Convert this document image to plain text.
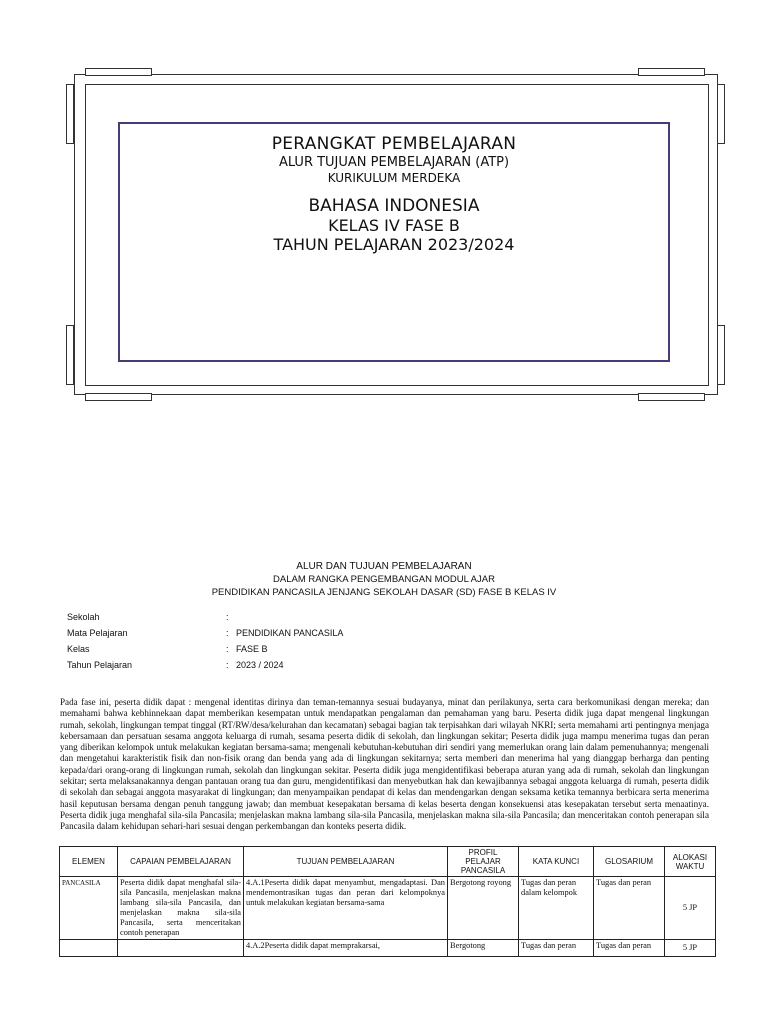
PERANGKAT PEMBELAJARAN
ALUR TUJUAN PEMBELAJARAN (ATP)
KURIKULUM MERDEKA
BAHASA INDONESIA
KELAS IV FASE B
TAHUN PELAJARAN 2023/2024
ALUR DAN TUJUAN PEMBELAJARAN
DALAM RANGKA PENGEMBANGAN MODUL AJAR
PENDIDIKAN PANCASILA JENJANG SEKOLAH DASAR (SD) FASE B KELAS IV
Sekolah	:
Mata Pelajaran	: PENDIDIKAN PANCASILA
Kelas	: FASE B
Tahun Pelajaran	: 2023 / 2024
Pada fase ini, peserta didik dapat : mengenal identitas dirinya dan teman-temannya sesuai budayanya, minat dan perilakunya, serta cara berkomunikasi dengan mereka; dan memahami bahwa kebhinnekaan dapat memberikan kesempatan untuk mendapatkan pengalaman dan pemahaman yang baru. Peserta didik juga dapat mengenal lingkungan rumah, sekolah, lingkungan tempat tinggal (RT/RW/desa/kelurahan dan kecamatan) sebagai bagian tak terpisahkan dari wilayah NKRI; serta memahami arti pentingnya menjaga kebersamaan dan persatuan sesama anggota keluarga di rumah, sesama peserta didik di sekolah, dan lingkungan sekitar; Peserta didik juga mampu menerima tugas dan peran yang diberikan kelompok untuk melakukan kegiatan bersama-sama; mengenali kebutuhan-kebutuhan diri sendiri yang memerlukan orang lain dalam pemenuhannya; mengenali dan mengetahui karakteristik fisik dan non-fisik orang dan benda yang ada di lingkungan sekitarnya; serta memberi dan menerima hal yang dianggap berharga dan penting kepada/dari orang-orang di lingkungan rumah, sekolah dan lingkungan sekitar. Peserta didik juga mengidentifikasi beberapa aturan yang ada di rumah, sekolah dan lingkungan sekitar; serta melaksanakannya dengan pantauan orang tua dan guru, mengidentifikasi dan menyebutkan hak dan kewajibannya sebagai anggota keluarga di rumah, peserta didik di sekolah dan sebagai anggota masyarakat di lingkungan; dan menyampaikan pendapat di kelas dan mendengarkan dengan seksama ketika temannya berbicara serta menerima hasil keputusan bersama dengan penuh tanggung jawab; dan membuat kesepakatan bersama di kelas beserta dengan konsekuensi atas kesepakatan tersebut serta menaatinya. Peserta didik juga menghafal sila-sila Pancasila; menjelaskan makna lambang sila-sila Pancasila, menjelaskan makna sila-sila Pancasila; dan menceritakan contoh penerapan sila Pancasila dalam kehidupan sehari-hari sesuai dengan perkembangan dan konteks peserta didik.
ELEMEN	CAPAIAN PEMBELAJARAN	TUJUAN PEMBELAJARAN	PROFIL PELAJAR PANCASILA	KATA KUNCI	GLOSARIUM	ALOKASI WAKTU
PANCASILA	Peserta didik dapat menghafal sila-sila Pancasila, menjelaskan makna lambang sila-sila Pancasila, dan menjelaskan makna sila-sila Pancasila, serta menceritakan contoh penerapan	4.A.1Peserta didik dapat menyambut, mengadaptasi. Dan mendemontrasikan tugas dan peran dari kelompoknya untuk melakukan kegiatan bersama-sama	Bergotong royong	Tugas dan peran dalam kelompok	Tugas dan peran	5 JP
		4.A.2Peserta didik dapat memprakarsai,	Bergotong	Tugas dan peran	Tugas dan peran	5 JP
